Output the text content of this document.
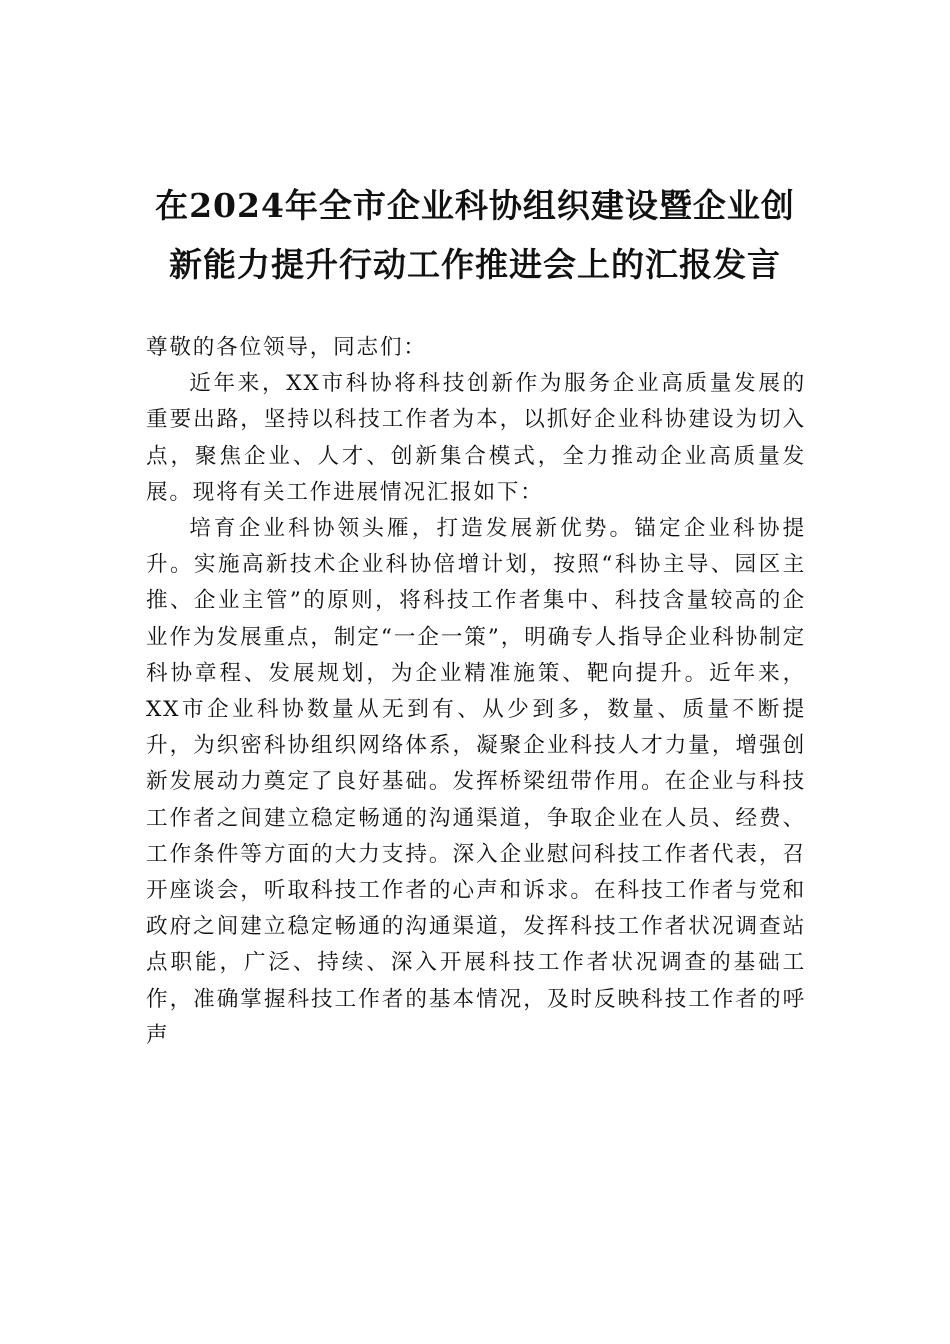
在2024年全市企业科协组织建设暨企业创
新能力提升行动工作推进会上的汇报发言

尊敬的各位领导，同志们：

近年来，XX市科协将科技创新作为服务企业高质量发展的重要出路，坚持以科技工作者为本，以抓好企业科协建设为切入点，聚焦企业、人才、创新集合模式，全力推动企业高质量发展。现将有关工作进展情况汇报如下：

培育企业科协领头雁，打造发展新优势。锚定企业科协提升。实施高新技术企业科协倍增计划，按照“科协主导、园区主推、企业主管”的原则，将科技工作者集中、科技含量较高的企业作为发展重点，制定“一企一策”，明确专人指导企业科协制定科协章程、发展规划，为企业精准施策、靶向提升。近年来，XX市企业科协数量从无到有、从少到多，数量、质量不断提升，为织密科协组织网络体系，凝聚企业科技人才力量，增强创新发展动力奠定了良好基础。发挥桥梁纽带作用。在企业与科技工作者之间建立稳定畅通的沟通渠道，争取企业在人员、经费、工作条件等方面的大力支持。深入企业慰问科技工作者代表，召开座谈会，听取科技工作者的心声和诉求。在科技工作者与党和政府之间建立稳定畅通的沟通渠道，发挥科技工作者状况调查站点职能，广泛、持续、深入开展科技工作者状况调查的基础工作，准确掌握科技工作者的基本情况，及时反映科技工作者的呼声
